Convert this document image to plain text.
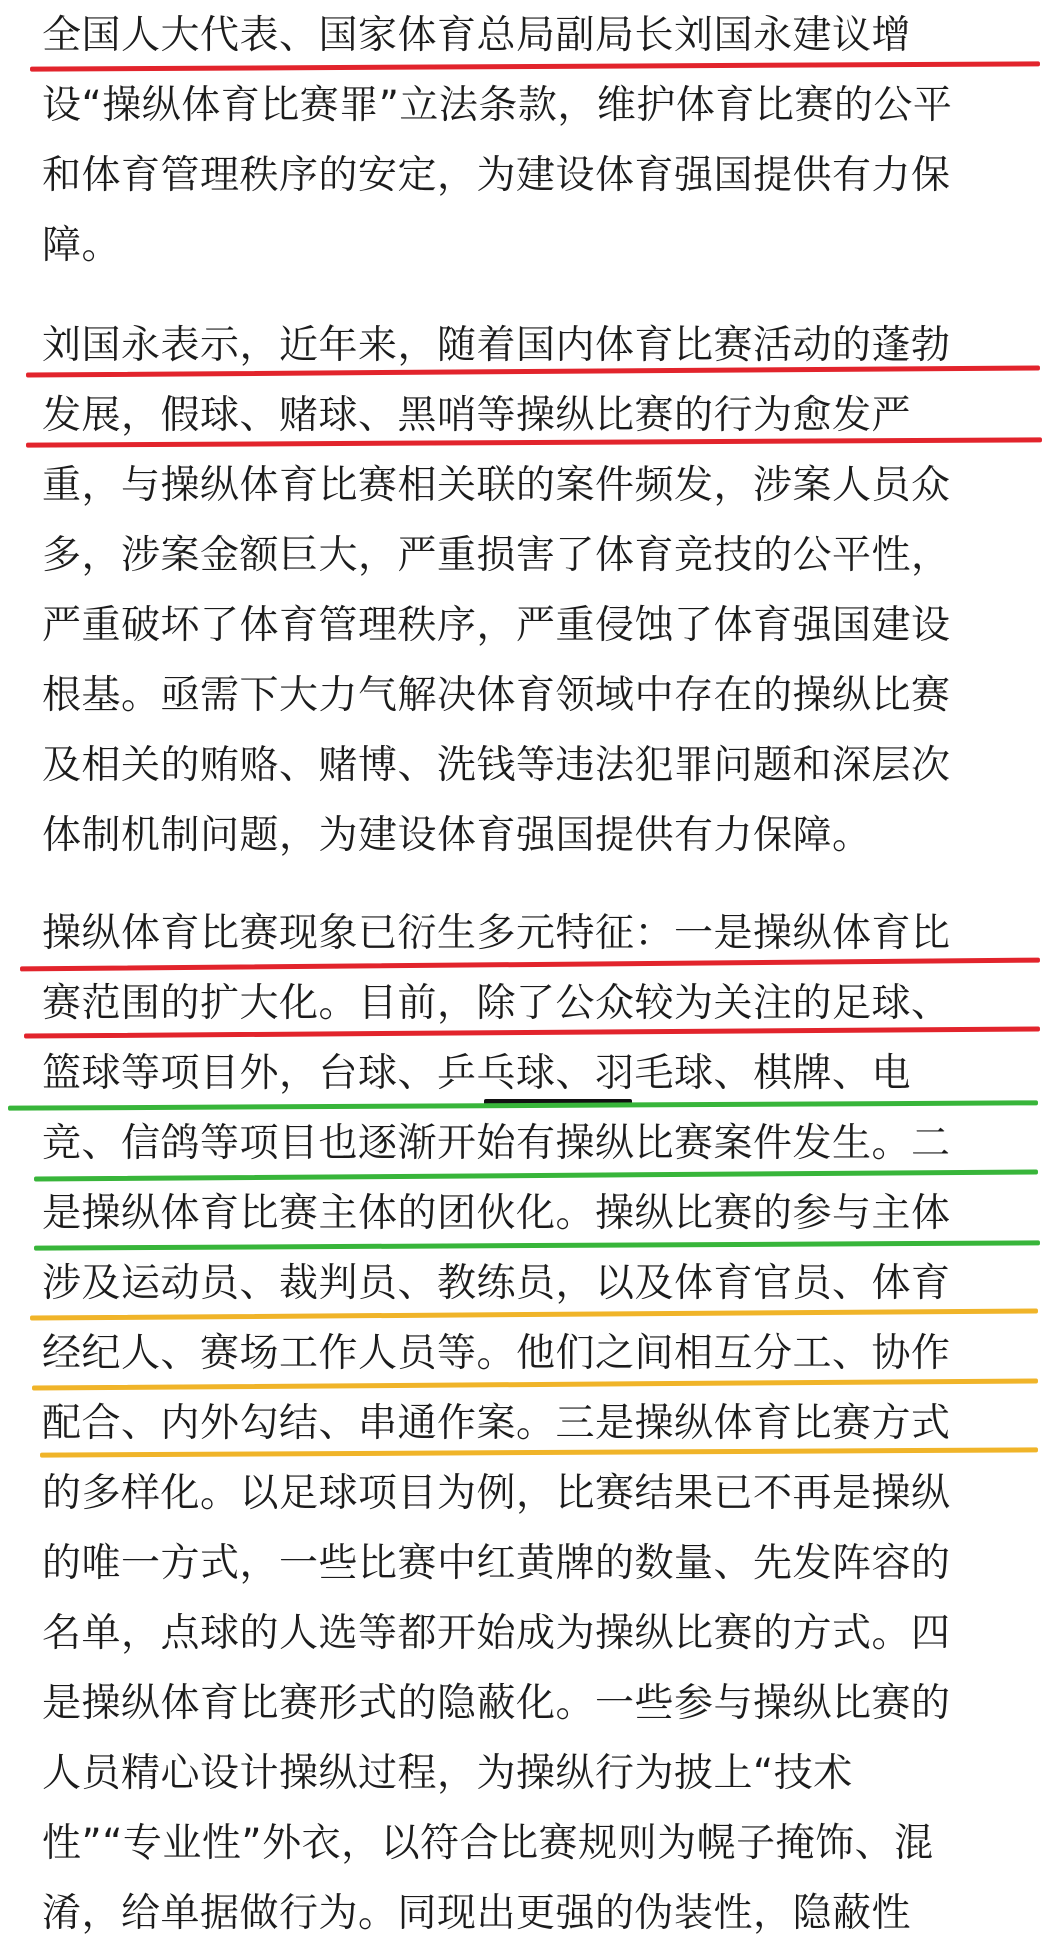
全国人大代表、国家体育总局副局长刘国永建议增
设“操纵体育比赛罪”立法条款，维护体育比赛的公平
和体育管理秩序的安定，为建设体育强国提供有力保
障。
刘国永表示，近年来，随着国内体育比赛活动的蓬勃
发展，假球、赌球、黑哨等操纵比赛的行为愈发严
重，与操纵体育比赛相关联的案件频发，涉案人员众
多，涉案金额巨大，严重损害了体育竞技的公平性，
严重破坏了体育管理秩序，严重侵蚀了体育强国建设
根基。亟需下大力气解决体育领域中存在的操纵比赛
及相关的贿赂、赌博、洗钱等违法犯罪问题和深层次
体制机制问题，为建设体育强国提供有力保障。
操纵体育比赛现象已衍生多元特征：一是操纵体育比
赛范围的扩大化。目前，除了公众较为关注的足球、
篮球等项目外，台球、乒乓球、羽毛球、棋牌、电
竞、信鸽等项目也逐渐开始有操纵比赛案件发生。二
是操纵体育比赛主体的团伙化。操纵比赛的参与主体
涉及运动员、裁判员、教练员，以及体育官员、体育
经纪人、赛场工作人员等。他们之间相互分工、协作
配合、内外勾结、串通作案。三是操纵体育比赛方式
的多样化。以足球项目为例，比赛结果已不再是操纵
的唯一方式，一些比赛中红黄牌的数量、先发阵容的
名单，点球的人选等都开始成为操纵比赛的方式。四
是操纵体育比赛形式的隐蔽化。一些参与操纵比赛的
人员精心设计操纵过程，为操纵行为披上“技术
性”“专业性”外衣，以符合比赛规则为幌子掩饰、混
淆，给单据做行为。同现出更强的伪装性，隐蔽性
